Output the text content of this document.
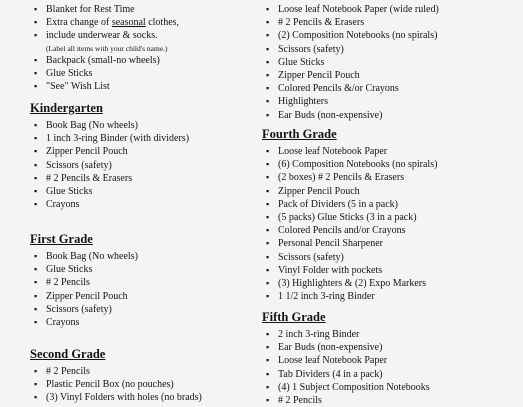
▪ Blanket for Rest Time
▪ Extra change of seasonal clothes,
▪ include underwear & socks.
(Label all items with your child's name.)
▪ Backpack (small-no wheels)
▪ Glue Sticks
▪ "See" Wish List
Kindergarten
▪ Book Bag (No wheels)
▪ 1 inch 3-ring Binder (with dividers)
▪ Zipper Pencil Pouch
▪ Scissors (safety)
▪ # 2 Pencils & Erasers
▪ Glue Sticks
▪ Crayons
First Grade
▪ Book Bag (No wheels)
▪ Glue Sticks
▪ # 2 Pencils
▪ Zipper Pencil Pouch
▪ Scissors (safety)
▪ Crayons
Second Grade
▪ # 2 Pencils
▪ Plastic Pencil Box (no pouches)
▪ (3) Vinyl Folders with holes (no brads)
▪ Loose leaf Notebook Paper (wide ruled)
▪ # 2 Pencils & Erasers
▪ (2) Composition Notebooks (no spirals)
▪ Scissors (safety)
▪ Glue Sticks
▪ Zipper Pencil Pouch
▪ Colored Pencils &/or Crayons
▪ Highlighters
▪ Ear Buds (non-expensive)
Fourth Grade
▪ Loose leaf Notebook Paper
▪ (6) Composition Notebooks (no spirals)
▪ (2 boxes) # 2 Pencils & Erasers
▪ Zipper Pencil Pouch
▪ Pack of Dividers (5 in a pack)
▪ (5 packs) Glue Sticks (3 in a pack)
▪ Colored Pencils and/or Crayons
▪ Personal Pencil Sharpener
▪ Scissors (safety)
▪ Vinyl Folder with pockets
▪ (3) Highlighters & (2) Expo Markers
▪ 1 1/2 inch 3-ring Binder
Fifth Grade
▪ 2 inch 3-ring Binder
▪ Ear Buds (non-expensive)
▪ Loose leaf Notebook Paper
▪ Tab Dividers (4 in a pack)
▪ (4) 1 Subject Composition Notebooks
▪ # 2 Pencils
